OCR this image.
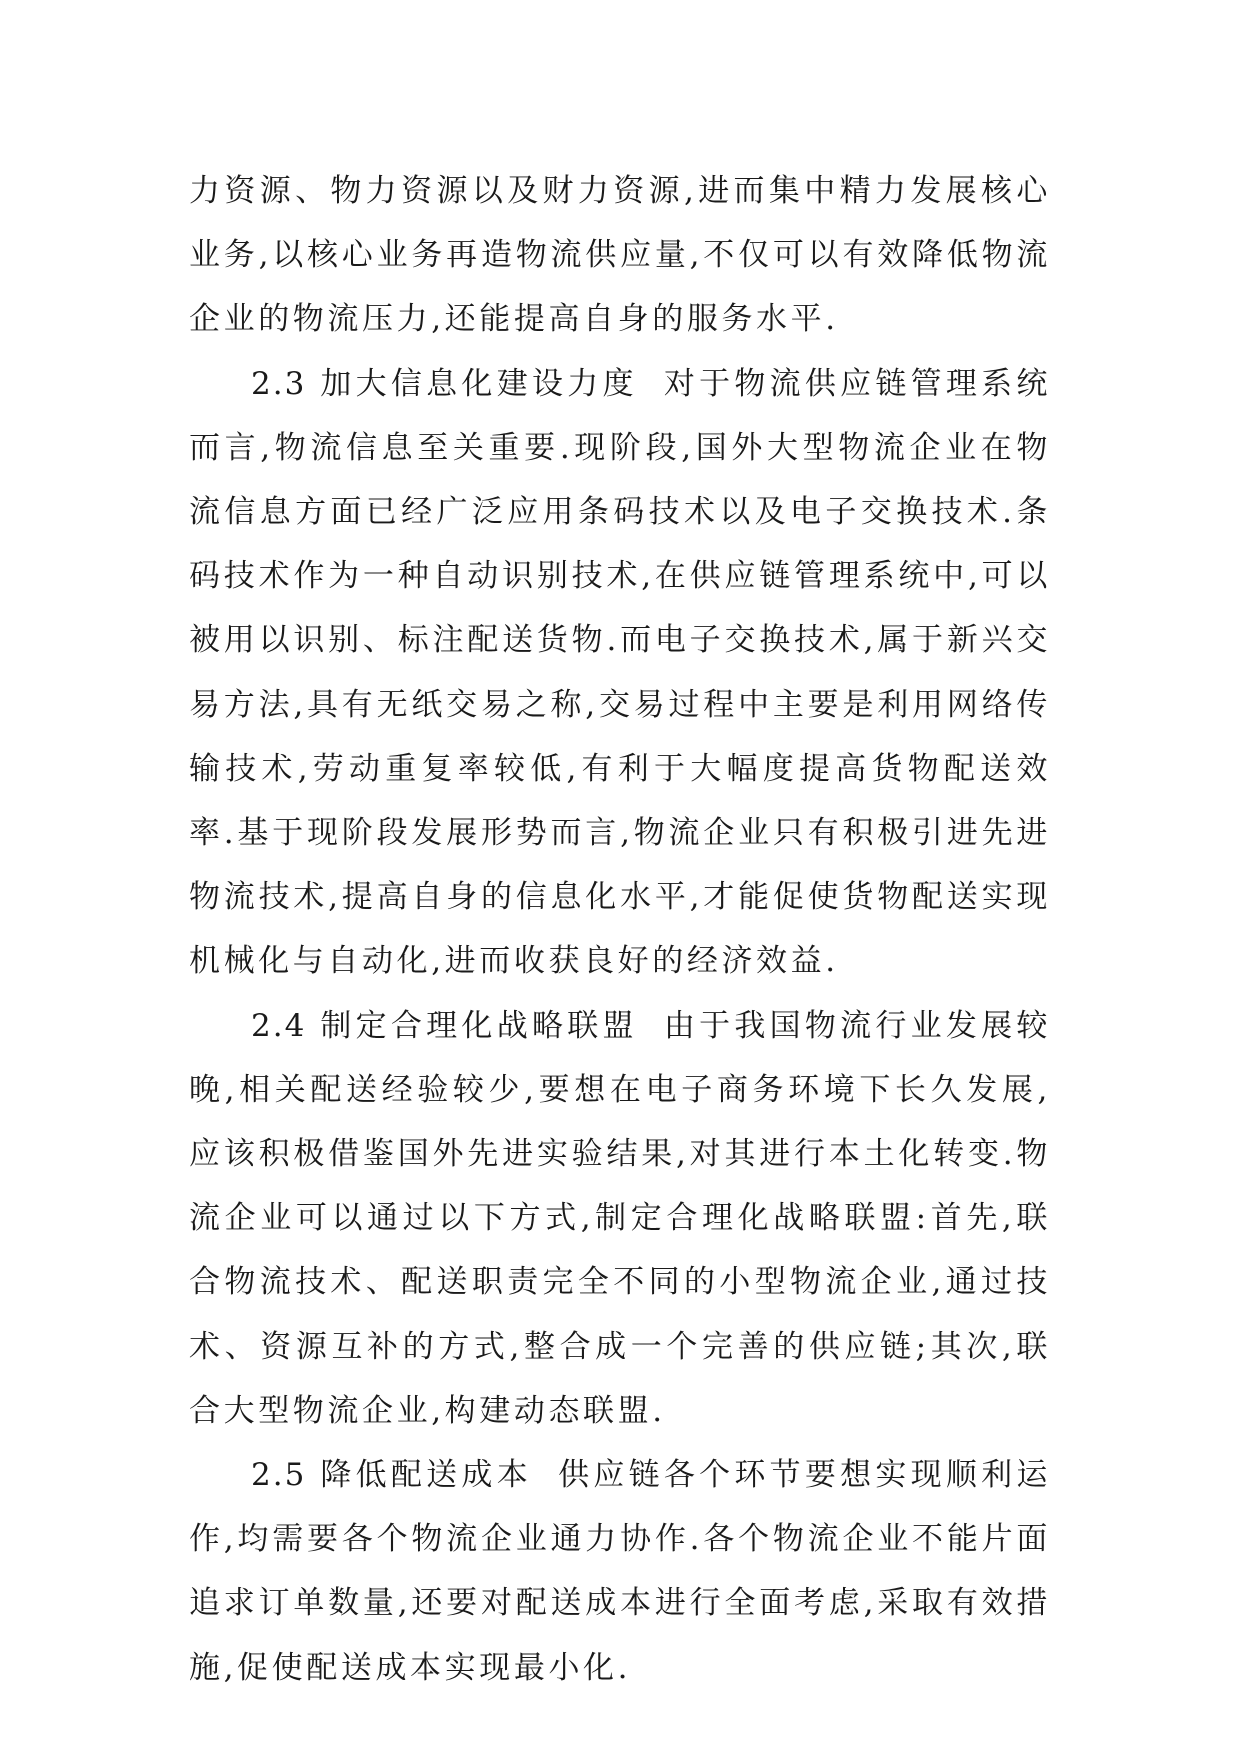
力资源、物力资源以及财力资源,进而集中精力发展核心业务,以核心业务再造物流供应量,不仅可以有效降低物流企业的物流压力,还能提高自身的服务水平.

2.3 加大信息化建设力度 对于物流供应链管理系统而言,物流信息至关重要.现阶段,国外大型物流企业在物流信息方面已经广泛应用条码技术以及电子交换技术.条码技术作为一种自动识别技术,在供应链管理系统中,可以被用以识别、标注配送货物.而电子交换技术,属于新兴交易方法,具有无纸交易之称,交易过程中主要是利用网络传输技术,劳动重复率较低,有利于大幅度提高货物配送效率.基于现阶段发展形势而言,物流企业只有积极引进先进物流技术,提高自身的信息化水平,才能促使货物配送实现机械化与自动化,进而收获良好的经济效益.

2.4 制定合理化战略联盟 由于我国物流行业发展较晚,相关配送经验较少,要想在电子商务环境下长久发展,应该积极借鉴国外先进实验结果,对其进行本土化转变.物流企业可以通过以下方式,制定合理化战略联盟:首先,联合物流技术、配送职责完全不同的小型物流企业,通过技术、资源互补的方式,整合成一个完善的供应链;其次,联合大型物流企业,构建动态联盟.

2.5 降低配送成本 供应链各个环节要想实现顺利运作,均需要各个物流企业通力协作.各个物流企业不能片面追求订单数量,还要对配送成本进行全面考虑,采取有效措施,促使配送成本实现最小化.
